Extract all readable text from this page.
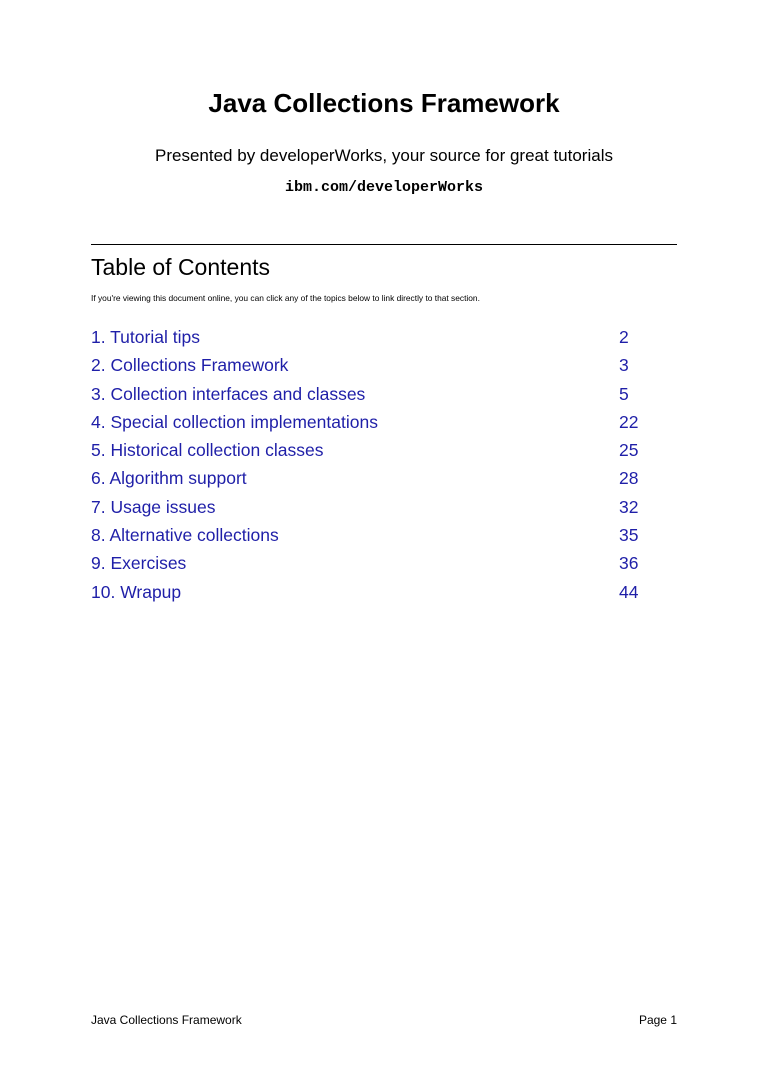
Java Collections Framework
Presented by developerWorks, your source for great tutorials
ibm.com/developerWorks
Table of Contents
If you're viewing this document online, you can click any of the topics below to link directly to that section.
1. Tutorial tips	2
2. Collections Framework	3
3. Collection interfaces and classes	5
4. Special collection implementations	22
5. Historical collection classes	25
6. Algorithm support	28
7. Usage issues	32
8. Alternative collections	35
9. Exercises	36
10. Wrapup	44
Java Collections Framework	Page 1
